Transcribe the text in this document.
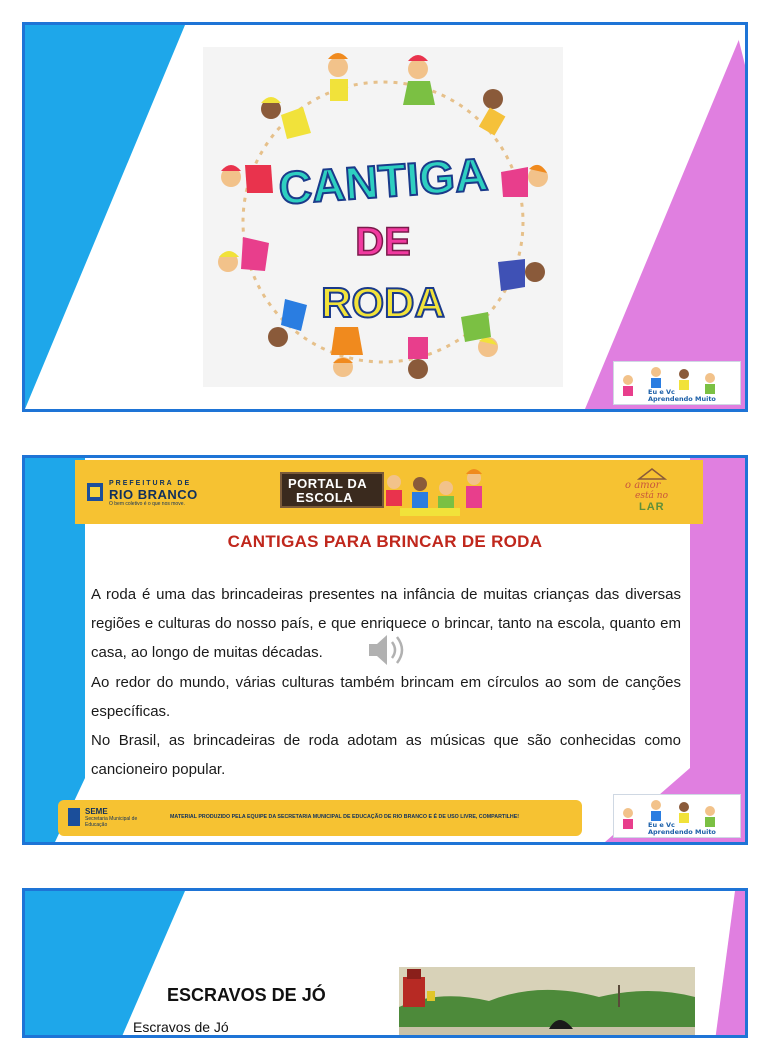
CANTIGA
DE
RODA
Eu e Vc
Aprendendo Muito
PREFEITURA DE
RIO BRANCO
O bem coletivo é o que nos move.
PORTAL DA
ESCOLA
o amor
está no
LAR
CANTIGAS PARA BRINCAR DE RODA

A roda é uma das brincadeiras presentes na infância de muitas crianças das diversas regiões e culturas do nosso país, e que enriquece o brincar, tanto na escola, quanto em casa, ao longo de muitas décadas.

Ao redor do mundo, várias culturas também brincam em círculos ao som de canções específicas.

No Brasil, as brincadeiras de roda adotam as músicas que são conhecidas como cancioneiro popular.

SEME
Secretaria Municipal de Educação
MATERIAL PRODUZIDO PELA EQUIPE DA SECRETARIA MUNICIPAL DE EDUCAÇÃO DE RIO BRANCO E É DE USO LIVRE, COMPARTILHE!
Eu e Vc
Aprendendo Muito
ESCRAVOS DE JÓ
Escravos de Jó
